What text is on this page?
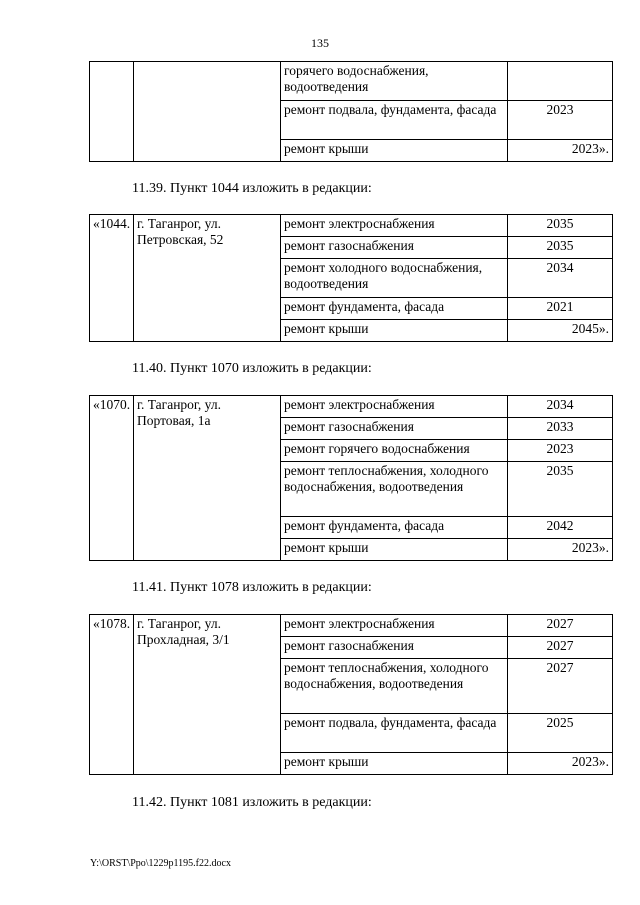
135
		горячего водоснабжения, водоотведения	
		ремонт подвала, фундамента, фасада	2023
		ремонт крыши	2023».
11.39. Пункт 1044 изложить в редакции:
«1044.	г. Таганрог, ул. Петровская, 52	ремонт электроснабжения	2035
		ремонт газоснабжения	2035
		ремонт холодного водоснабжения, водоотведения	2034
		ремонт фундамента, фасада	2021
		ремонт крыши	2045».
11.40. Пункт 1070 изложить в редакции:
«1070.	г. Таганрог, ул. Портовая, 1а	ремонт электроснабжения	2034
		ремонт газоснабжения	2033
		ремонт горячего водоснабжения	2023
		ремонт теплоснабжения, холодного водоснабжения, водоотведения	2035
		ремонт фундамента, фасада	2042
		ремонт крыши	2023».
11.41. Пункт 1078 изложить в редакции:
«1078.	г. Таганрог, ул. Прохладная, 3/1	ремонт электроснабжения	2027
		ремонт газоснабжения	2027
		ремонт теплоснабжения, холодного водоснабжения, водоотведения	2027
		ремонт подвала, фундамента, фасада	2025
		ремонт крыши	2023».
11.42. Пункт 1081 изложить в редакции:
Y:\ORST\Ppo\1229p1195.f22.docx
